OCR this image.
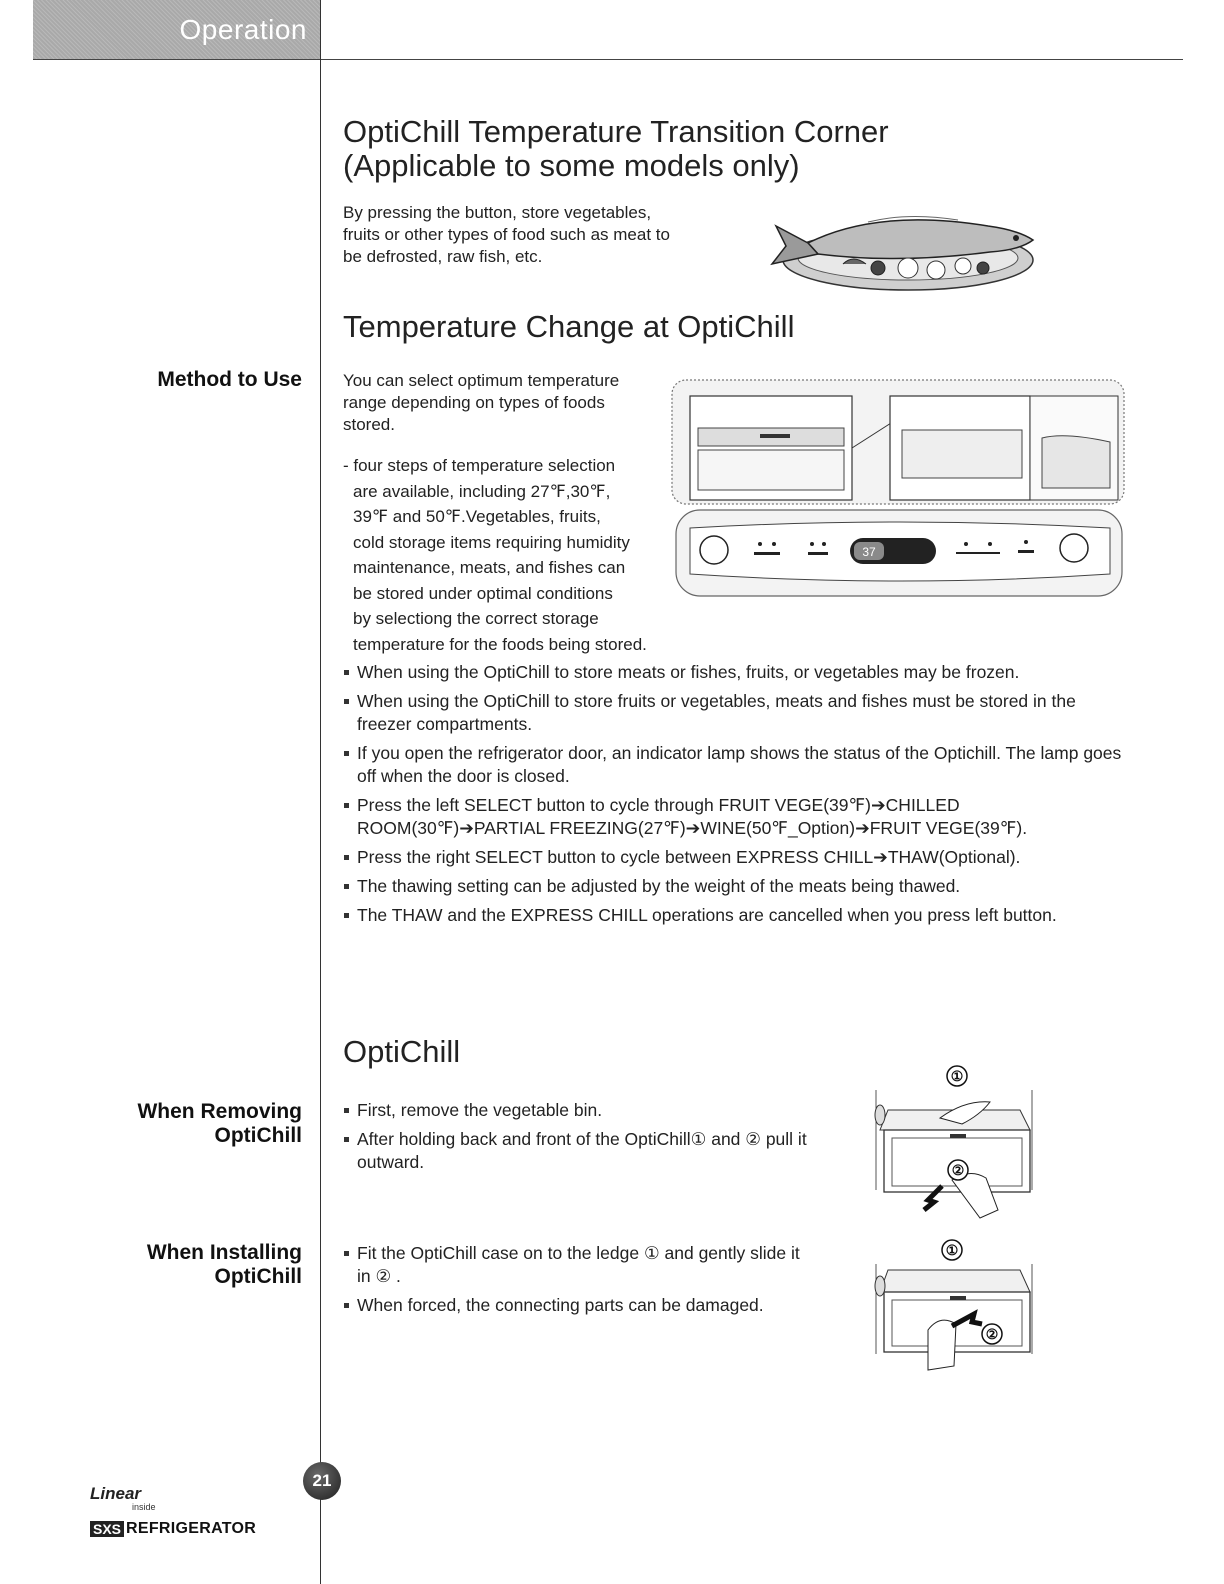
Operation
OptiChill Temperature Transition Corner
(Applicable to some models only)
By pressing the button, store vegetables,
fruits or other types of food such as meat to
be defrosted, raw fish, etc.
Temperature Change at OptiChill
Method to Use You can select optimum temperature
range depending on types of foods
stored.
- four steps of temperature selection
are available, including 27℉,30℉,
39℉ and 50℉.Vegetables, fruits,
cold storage items requiring humidity
maintenance, meats, and fishes can
be stored under optimal conditions
by selectiong the correct storage
temperature for the foods being stored.
37
When using the OptiChill to store meats or fishes, fruits, or vegetables may be frozen.
When using the OptiChill to store fruits or vegetables, meats and fishes must be stored in the freezer compartments.
If you open the refrigerator door, an indicator lamp shows the status of the Optichill. The lamp goes off when the door is closed.
Press the left SELECT button to cycle through FRUIT VEGE(39℉)➔CHILLED ROOM(30℉)➔PARTIAL FREEZING(27℉)➔WINE(50℉_Option)➔FRUIT VEGE(39℉).
Press the right SELECT button to cycle between EXPRESS CHILL➔THAW(Optional).
The thawing setting can be adjusted by the weight of the meats being thawed.
The THAW and the EXPRESS CHILL operations are cancelled when you press left button.
OptiChill
When Removing
OptiChill
First, remove the vegetable bin.
After holding back and front of the OptiChill① and ② pull it outward.
①
②
When Installing
OptiChill
Fit the OptiChill case on to the ledge ① and gently slide it in ② .
When forced, the connecting parts can be damaged.
①
②
21
Linear
inside
SXS REFRIGERATOR
